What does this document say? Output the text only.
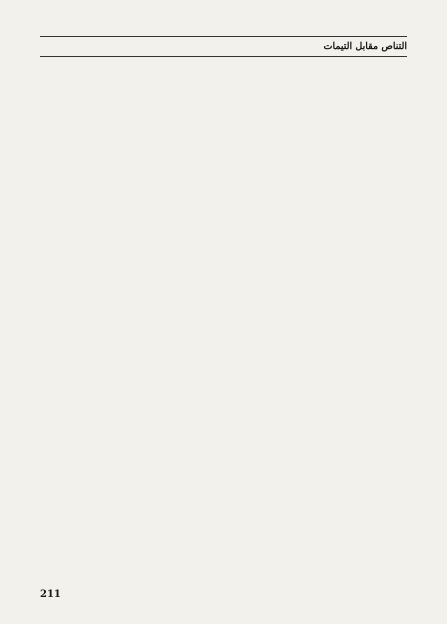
التناص مقابل التيمات
211
